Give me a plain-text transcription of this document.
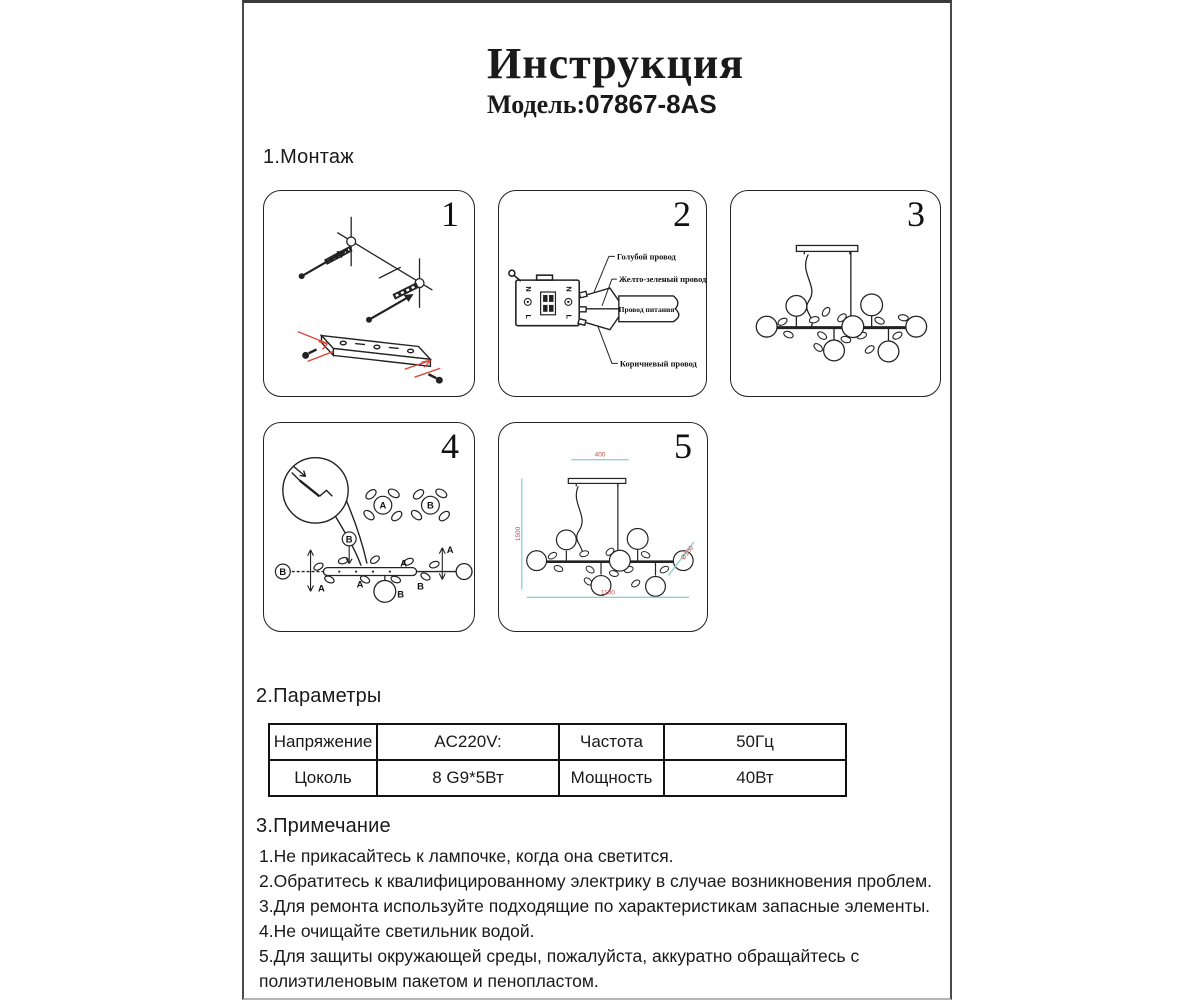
Инструкция
Модель:07867-8AS
1.Монтаж
1
N
L
N
L
Провод питания
Голубой провод
Желто-зеленый провод
Коричневый провод
2	3
A	B
B
B
B
A	A
A
B
A
4	400
1500
1100
Ø100
5
2.Параметры
Напряжение	AC220V:	Частота	50Гц
Цоколь	8 G9*5Вт	Мощность	40Вт
3.Примечание
1.Не прикасайтесь к лампочке, когда она светится.
2.Обратитесь к квалифицированному электрику в случае возникновения проблем.
3.Для ремонта используйте подходящие по характеристикам запасные элементы.
4.Не очищайте светильник водой.
5.Для защиты окружающей среды, пожалуйста, аккуратно обращайтесь с полиэтиленовым пакетом и пенопластом.
